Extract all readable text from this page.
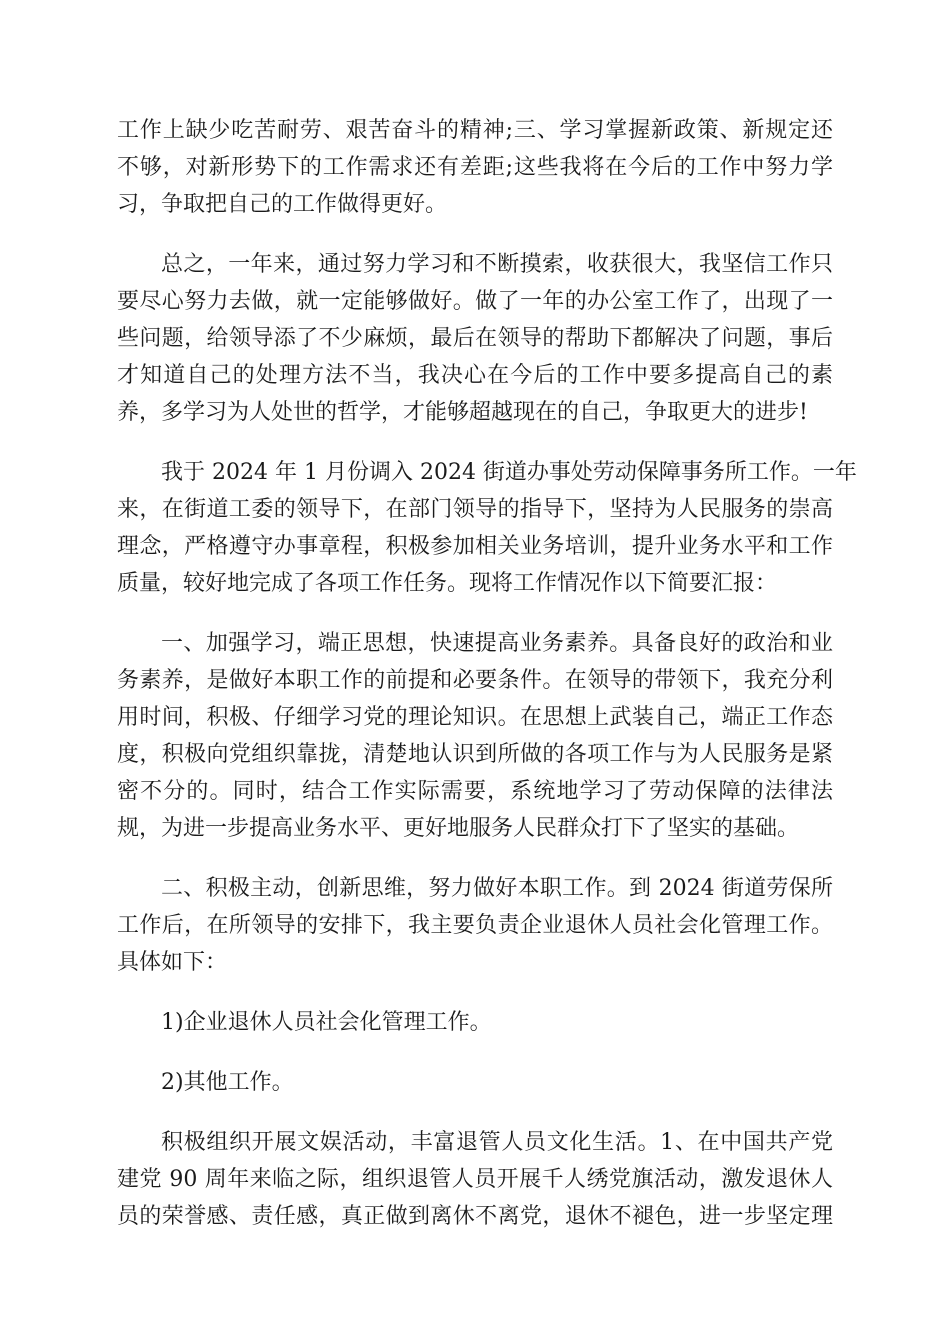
工作上缺少吃苦耐劳、艰苦奋斗的精神;三、学习掌握新政策、新规定还
不够，对新形势下的工作需求还有差距;这些我将在今后的工作中努力学
习，争取把自己的工作做得更好。
总之，一年来，通过努力学习和不断摸索，收获很大，我坚信工作只
要尽心努力去做，就一定能够做好。做了一年的办公室工作了，出现了一
些问题，给领导添了不少麻烦，最后在领导的帮助下都解决了问题，事后
才知道自己的处理方法不当，我决心在今后的工作中要多提高自己的素
养，多学习为人处世的哲学，才能够超越现在的自己，争取更大的进步!
我于 2024 年 1 月份调入 2024 街道办事处劳动保障事务所工作。一年
来，在街道工委的领导下，在部门领导的指导下，坚持为人民服务的崇高
理念，严格遵守办事章程，积极参加相关业务培训，提升业务水平和工作
质量，较好地完成了各项工作任务。现将工作情况作以下简要汇报：
一、加强学习，端正思想，快速提高业务素养。具备良好的政治和业
务素养，是做好本职工作的前提和必要条件。在领导的带领下，我充分利
用时间，积极、仔细学习党的理论知识。在思想上武装自己，端正工作态
度，积极向党组织靠拢，清楚地认识到所做的各项工作与为人民服务是紧
密不分的。同时，结合工作实际需要，系统地学习了劳动保障的法律法
规，为进一步提高业务水平、更好地服务人民群众打下了坚实的基础。
二、积极主动，创新思维，努力做好本职工作。到 2024 街道劳保所
工作后，在所领导的安排下，我主要负责企业退休人员社会化管理工作。
具体如下：
1)企业退休人员社会化管理工作。
2)其他工作。
积极组织开展文娱活动，丰富退管人员文化生活。1、在中国共产党
建党 90 周年来临之际，组织退管人员开展千人绣党旗活动，激发退休人
员的荣誉感、责任感，真正做到离休不离党，退休不褪色，进一步坚定理
